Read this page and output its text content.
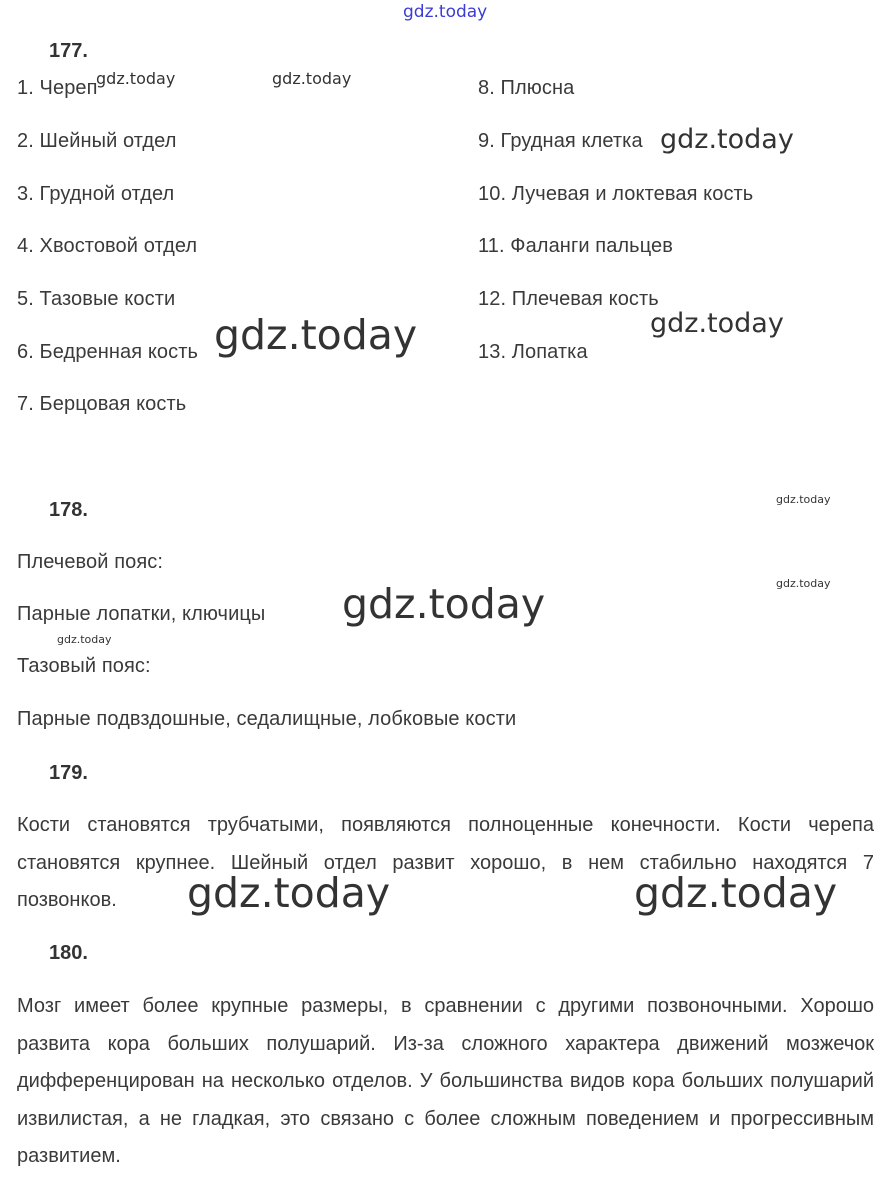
gdz.today
177.
1. Череп
2. Шейный отдел
3. Грудной отдел
4. Хвостовой отдел
5. Тазовые кости
6. Бедренная кость
7. Берцовая кость
8. Плюсна
9. Грудная клетка
10. Лучевая и локтевая кость
11. Фаланги пальцев
12. Плечевая кость
13. Лопатка
gdz.today	gdz.today
gdz.today
gdz.today	gdz.today
178.
Плечевой пояс:
Парные лопатки, ключицы
Тазовый пояс:
Парные подвздошные, седалищные, лобковые кости
gdz.today
gdz.today
gdz.today
gdz.today
179.
Кости становятся трубчатыми, появляются полноценные конечности. Кости черепа становятся крупнее. Шейный отдел развит хорошо, в нем стабильно находятся 7 позвонков.	gdz.today	gdz.today
180.
Мозг имеет более крупные размеры, в сравнении с другими позвоночными. Хорошо развита кора больших полушарий. Из-за сложного характера движений мозжечок дифференцирован на несколько отделов. У большинства видов кора больших полушарий извилистая, а не гладкая, это связано с более сложным поведением и прогрессивным развитием.
